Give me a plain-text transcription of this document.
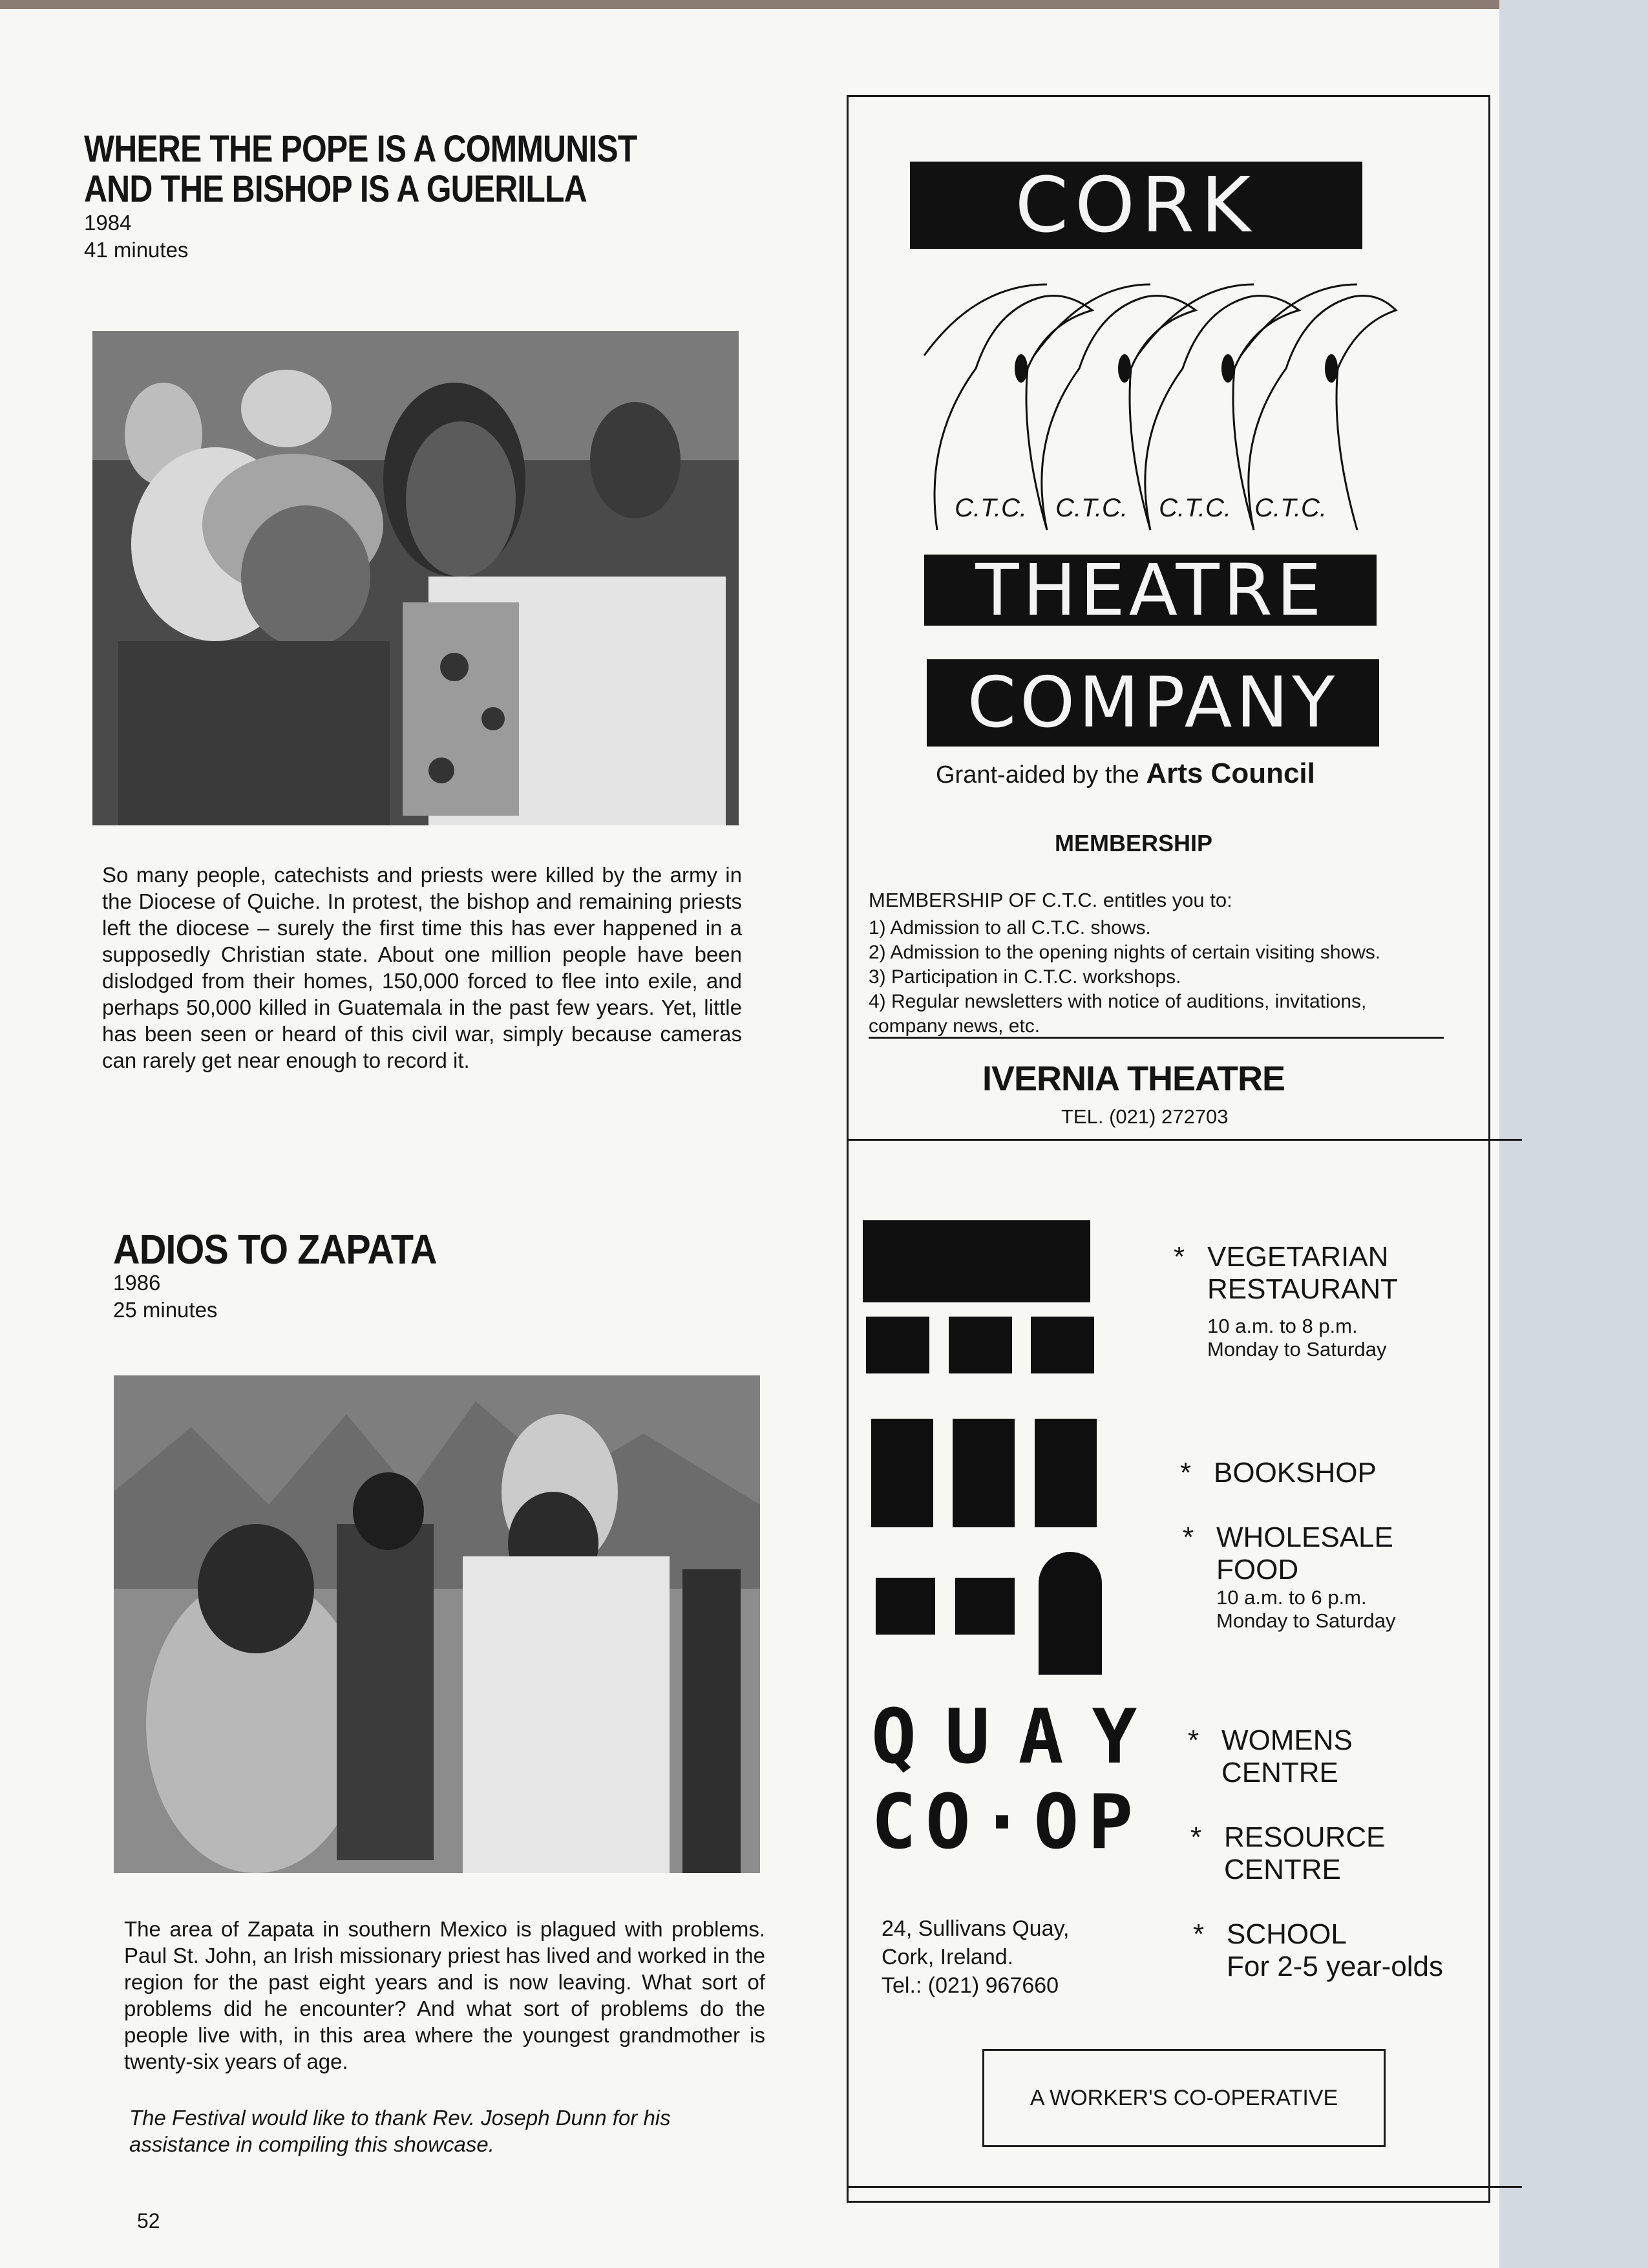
WHERE THE POPE IS A COMMUNIST
AND THE BISHOP IS A GUERILLA

1984

41 minutes

So many people, catechists and priests were killed by the army in the Diocese of Quiche. In protest, the bishop and remaining priests left the diocese – surely the first time this has ever happened in a supposedly Christian state. About one million people have been dislodged from their homes, 150,000 forced to flee into exile, and perhaps 50,000 killed in Guatemala in the past few years. Yet, little has been seen or heard of this civil war, simply because cameras can rarely get near enough to record it.
ADIOS TO ZAPATA

1986

25 minutes

The area of Zapata in southern Mexico is plagued with problems. Paul St. John, an Irish missionary priest has lived and worked in the region for the past eight years and is now leaving. What sort of problems did he encounter? And what sort of problems do the people live with, in this area where the youngest grandmother is twenty-six years of age.
The Festival would like to thank Rev. Joseph Dunn for his assistance in compiling this showcase.
52
CORK
C.T.C. C.T.C. C.T.C. C.T.C.
THEATRE
COMPANY
Grant-aided by the Arts Council
MEMBERSHIP
MEMBERSHIP OF C.T.C. entitles you to:
1) Admission to all C.T.C. shows.
2) Admission to the opening nights of certain visiting shows.
3) Participation in C.T.C. workshops.
4) Regular newsletters with notice of auditions, invitations,
company news, etc.
IVERNIA THEATRE
TEL. (021) 272703
QUAY
CO·OP
24, Sullivans Quay,
Cork, Ireland.
Tel.: (021) 967660
* VEGETARIAN
RESTAURANT
10 a.m. to 8 p.m.
Monday to Saturday
* BOOKSHOP
* WHOLESALE
FOOD
10 a.m. to 6 p.m.
Monday to Saturday
* WOMENS
CENTRE
* RESOURCE
CENTRE
* SCHOOL
For 2-5 year-olds
A WORKER'S CO-OPERATIVE
